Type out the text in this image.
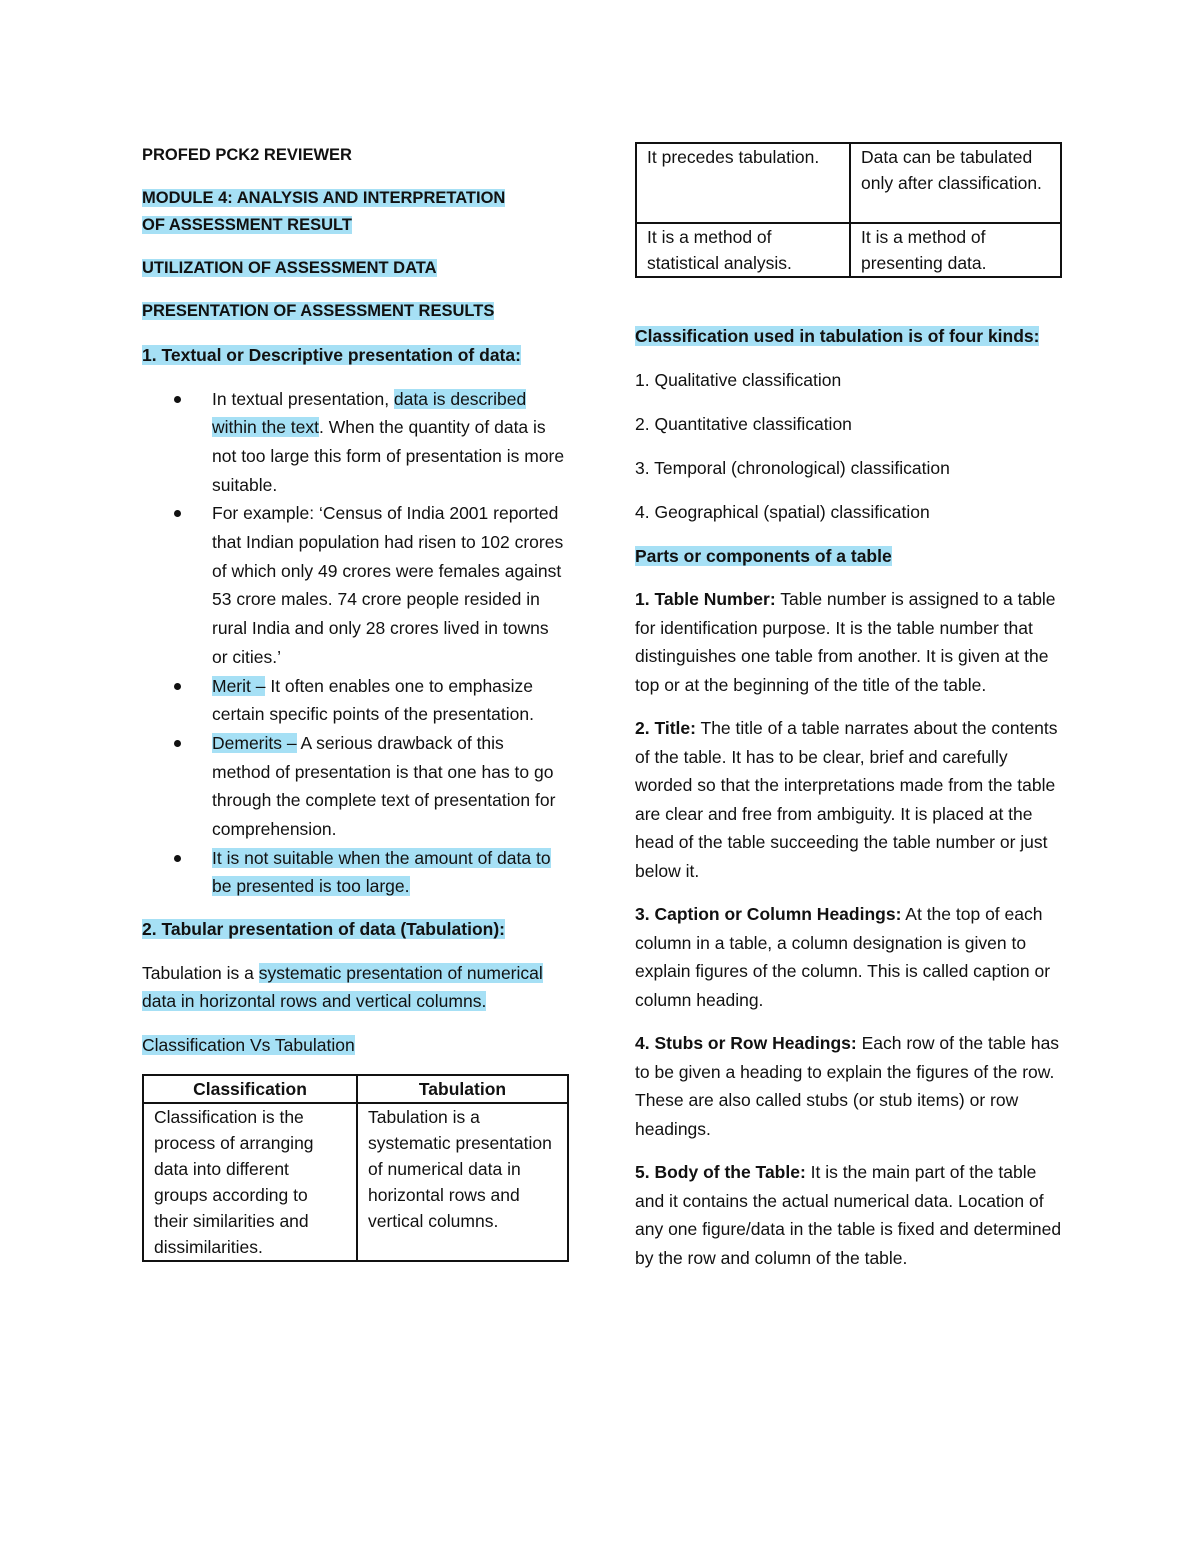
PROFED PCK2 REVIEWER

MODULE 4: ANALYSIS AND INTERPRETATION
OF ASSESSMENT RESULT

UTILIZATION OF ASSESSMENT DATA

PRESENTATION OF ASSESSMENT RESULTS

1. Textual or Descriptive presentation of data:

In textual presentation, data is described within the text. When the quantity of data is not too large this form of presentation is more suitable.
For example: ‘Census of India 2001 reported that Indian population had risen to 102 crores of which only 49 crores were females against 53 crore males. 74 crore people resided in rural India and only 28 crores lived in towns or cities.’
Merit – It often enables one to emphasize certain specific points of the presentation.
Demerits – A serious drawback of this method of presentation is that one has to go through the complete text of presentation for comprehension.
It is not suitable when the amount of data to be presented is too large.

2. Tabular presentation of data (Tabulation):

Tabulation is a systematic presentation of numerical data in horizontal rows and vertical columns.

Classification Vs Tabulation

Classification	Tabulation
Classification is the process of arranging data into different groups according to their similarities and dissimilarities.	Tabulation is a systematic presentation of numerical data in horizontal rows and vertical columns.
It precedes tabulation.	Data can be tabulated only after classification.
It is a method of statistical analysis.	It is a method of presenting data.

Classification used in tabulation is of four kinds:

1. Qualitative classification

2. Quantitative classification

3. Temporal (chronological) classification

4. Geographical (spatial) classification

Parts or components of a table

1. Table Number: Table number is assigned to a table for identification purpose. It is the table number that distinguishes one table from another. It is given at the top or at the beginning of the title of the table.

2. Title: The title of a table narrates about the contents of the table. It has to be clear, brief and carefully worded so that the interpretations made from the table are clear and free from ambiguity. It is placed at the head of the table succeeding the table number or just below it.

3. Caption or Column Headings: At the top of each column in a table, a column designation is given to explain figures of the column. This is called caption or column heading.

4. Stubs or Row Headings: Each row of the table has to be given a heading to explain the figures of the row. These are also called stubs (or stub items) or row headings.

5. Body of the Table: It is the main part of the table and it contains the actual numerical data. Location of any one figure/data in the table is fixed and determined by the row and column of the table.
